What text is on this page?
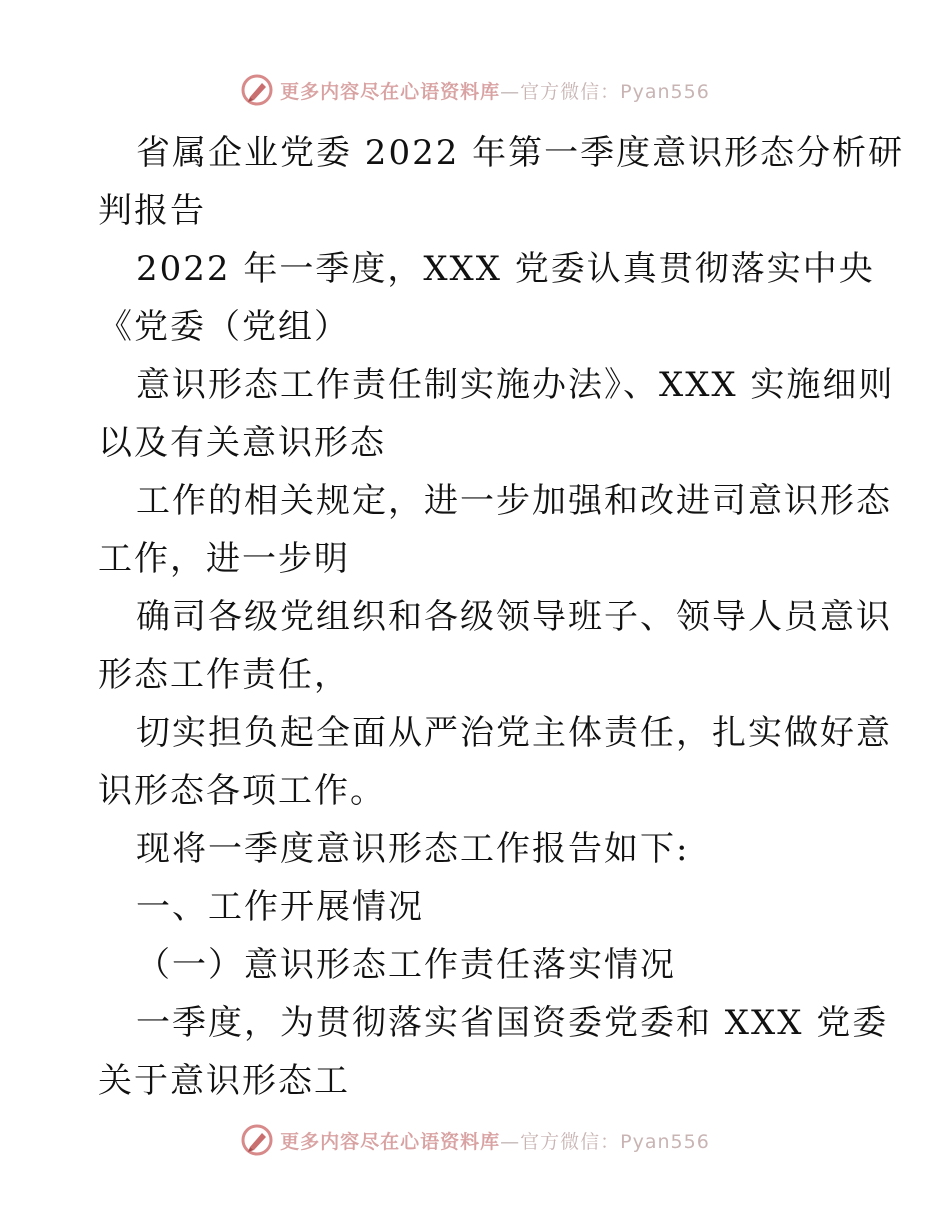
更多内容尽在心语资料库—官方微信：Pyan556
省属企业党委 2022 年第一季度意识形态分析研
判报告
2022 年一季度，XXX 党委认真贯彻落实中央
《党委（党组）
意识形态工作责任制实施办法》、XXX 实施细则
以及有关意识形态
工作的相关规定，进一步加强和改进司意识形态
工作，进一步明
确司各级党组织和各级领导班子、领导人员意识
形态工作责任，
切实担负起全面从严治党主体责任，扎实做好意
识形态各项工作。
现将一季度意识形态工作报告如下:
一、工作开展情况
（一）意识形态工作责任落实情况
一季度，为贯彻落实省国资委党委和 XXX 党委
关于意识形态工
更多内容尽在心语资料库—官方微信：Pyan556
